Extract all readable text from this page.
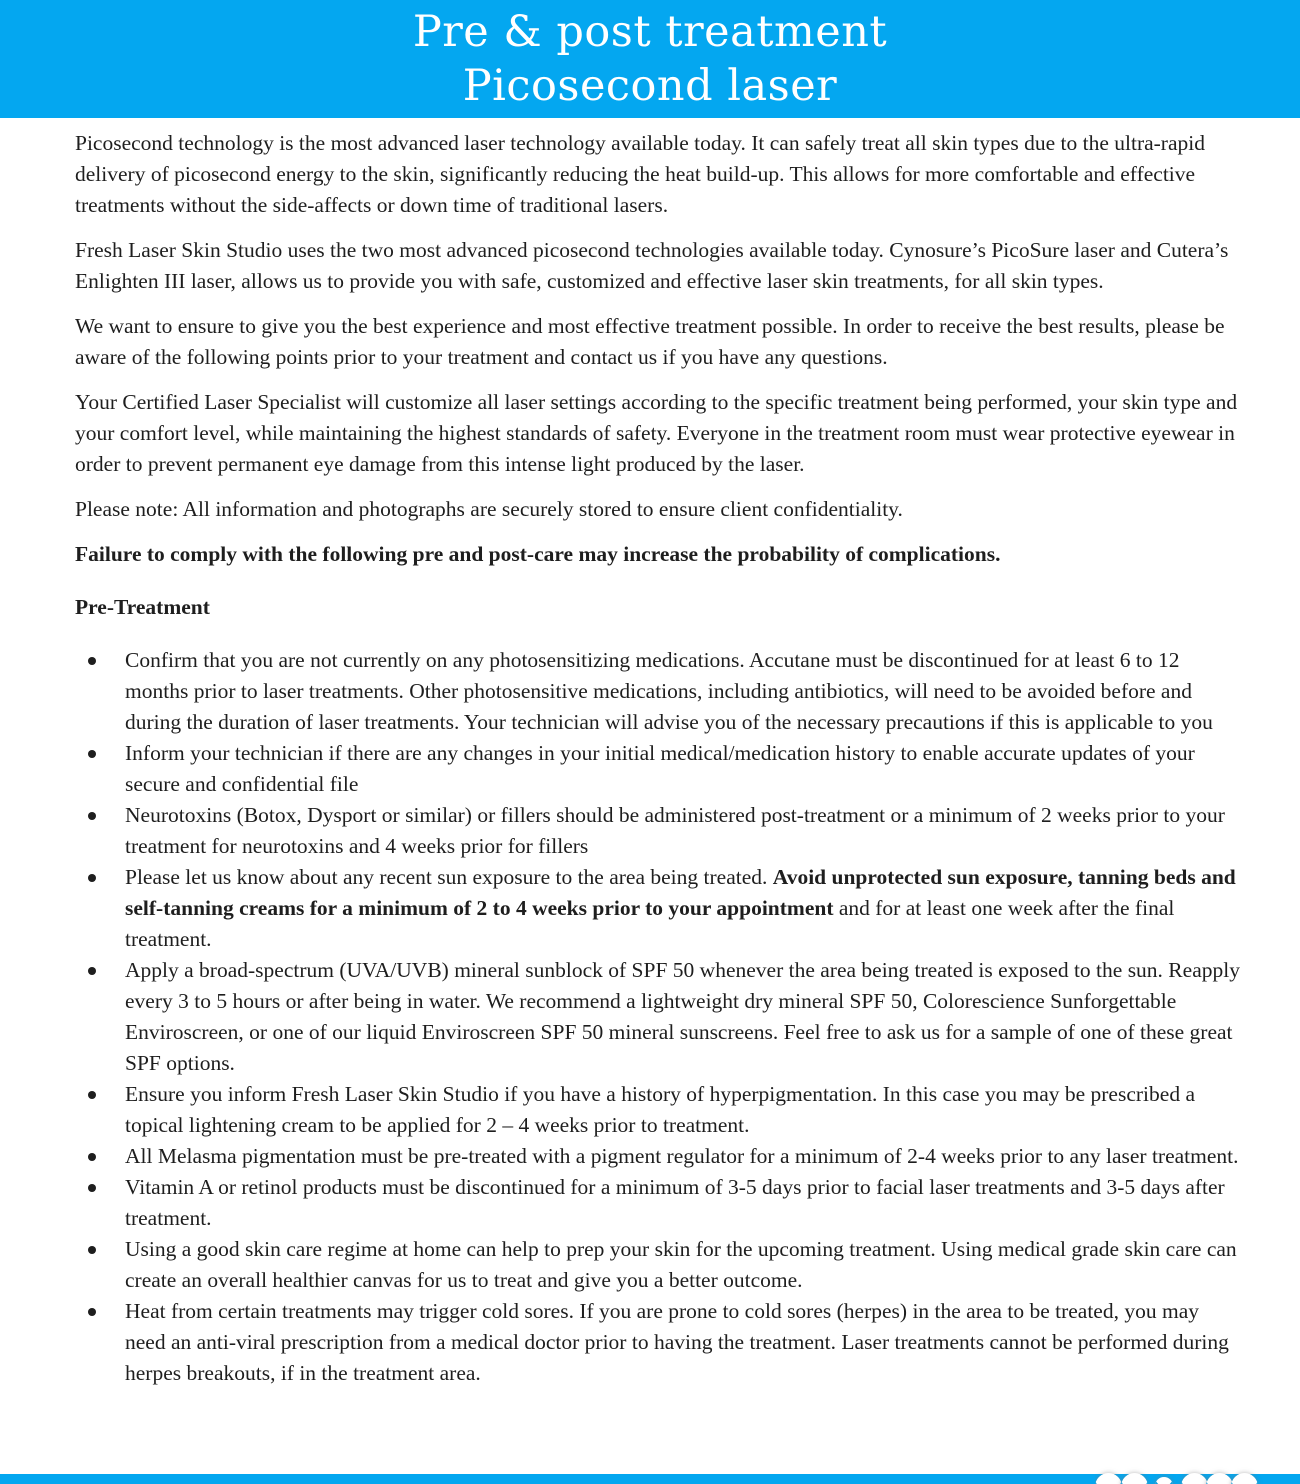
Pre & post treatment
Picosecond laser

Picosecond technology is the most advanced laser technology available today. It can safely treat all skin types due to the ultra-rapid delivery of picosecond energy to the skin, significantly reducing the heat build-up. This allows for more comfortable and effective treatments without the side-affects or down time of traditional lasers.

Fresh Laser Skin Studio uses the two most advanced picosecond technologies available today. Cynosure’s PicoSure laser and Cutera’s Enlighten III laser, allows us to provide you with safe, customized and effective laser skin treatments, for all skin types.

We want to ensure to give you the best experience and most effective treatment possible. In order to receive the best results, please be aware of the following points prior to your treatment and contact us if you have any questions.

Your Certified Laser Specialist will customize all laser settings according to the specific treatment being performed, your skin type and your comfort level, while maintaining the highest standards of safety. Everyone in the treatment room must wear protective eyewear in order to prevent permanent eye damage from this intense light produced by the laser.

Please note: All information and photographs are securely stored to ensure client confidentiality.

Failure to comply with the following pre and post-care may increase the probability of complications.

Pre-Treatment
Confirm that you are not currently on any photosensitizing medications. Accutane must be discontinued for at least 6 to 12 months prior to laser treatments. Other photosensitive medications, including antibiotics, will need to be avoided before and during the duration of laser treatments. Your technician will advise you of the necessary precautions if this is applicable to you
Inform your technician if there are any changes in your initial medical/medication history to enable accurate updates of your secure and confidential file
Neurotoxins (Botox, Dysport or similar) or fillers should be administered post-treatment or a minimum of 2 weeks prior to your treatment for neurotoxins and 4 weeks prior for fillers
Please let us know about any recent sun exposure to the area being treated. Avoid unprotected sun exposure, tanning beds and self-tanning creams for a minimum of 2 to 4 weeks prior to your appointment and for at least one week after the final treatment.
Apply a broad-spectrum (UVA/UVB) mineral sunblock of SPF 50 whenever the area being treated is exposed to the sun. Reapply every 3 to 5 hours or after being in water. We recommend a lightweight dry mineral SPF 50, Colorescience Sunforgettable Enviroscreen, or one of our liquid Enviroscreen SPF 50 mineral sunscreens. Feel free to ask us for a sample of one of these great SPF options.
Ensure you inform Fresh Laser Skin Studio if you have a history of hyperpigmentation. In this case you may be prescribed a topical lightening cream to be applied for 2 – 4 weeks prior to treatment.
All Melasma pigmentation must be pre-treated with a pigment regulator for a minimum of 2-4 weeks prior to any laser treatment.
Vitamin A or retinol products must be discontinued for a minimum of 3-5 days prior to facial laser treatments and 3-5 days after treatment.
Using a good skin care regime at home can help to prep your skin for the upcoming treatment. Using medical grade skin care can create an overall healthier canvas for us to treat and give you a better outcome.
Heat from certain treatments may trigger cold sores. If you are prone to cold sores (herpes) in the area to be treated, you may need an anti-viral prescription from a medical doctor prior to having the treatment. Laser treatments cannot be performed during herpes breakouts, if in the treatment area.
